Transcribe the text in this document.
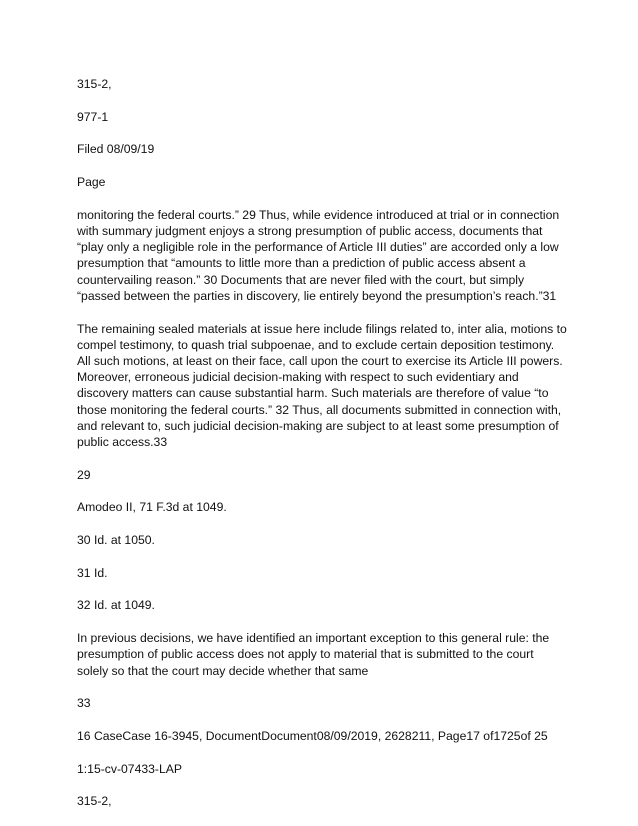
315-2,

977-1

Filed 08/09/19

Page

monitoring the federal courts.” 29 Thus, while evidence introduced at trial or in connection with summary judgment enjoys a strong presumption of public access, documents that “play only a negligible role in the performance of Article III duties” are accorded only a low presumption that “amounts to little more than a prediction of public access absent a countervailing reason.” 30 Documents that are never filed with the court, but simply “passed between the parties in discovery, lie entirely beyond the presumption’s reach.”31

The remaining sealed materials at issue here include filings related to, inter alia, motions to compel testimony, to quash trial subpoenae, and to exclude certain deposition testimony. All such motions, at least on their face, call upon the court to exercise its Article III powers. Moreover, erroneous judicial decision-making with respect to such evidentiary and discovery matters can cause substantial harm. Such materials are therefore of value “to those monitoring the federal courts.” 32 Thus, all documents submitted in connection with, and relevant to, such judicial decision-making are subject to at least some presumption of public access.33

29

Amodeo II, 71 F.3d at 1049.

30 Id. at 1050.

31 Id.

32 Id. at 1049.

In previous decisions, we have identified an important exception to this general rule: the presumption of public access does not apply to material that is submitted to the court solely so that the court may decide whether that same

33

16 CaseCase 16-3945, DocumentDocument08/09/2019, 2628211, Page17 of1725of 25

1:15-cv-07433-LAP

315-2,
